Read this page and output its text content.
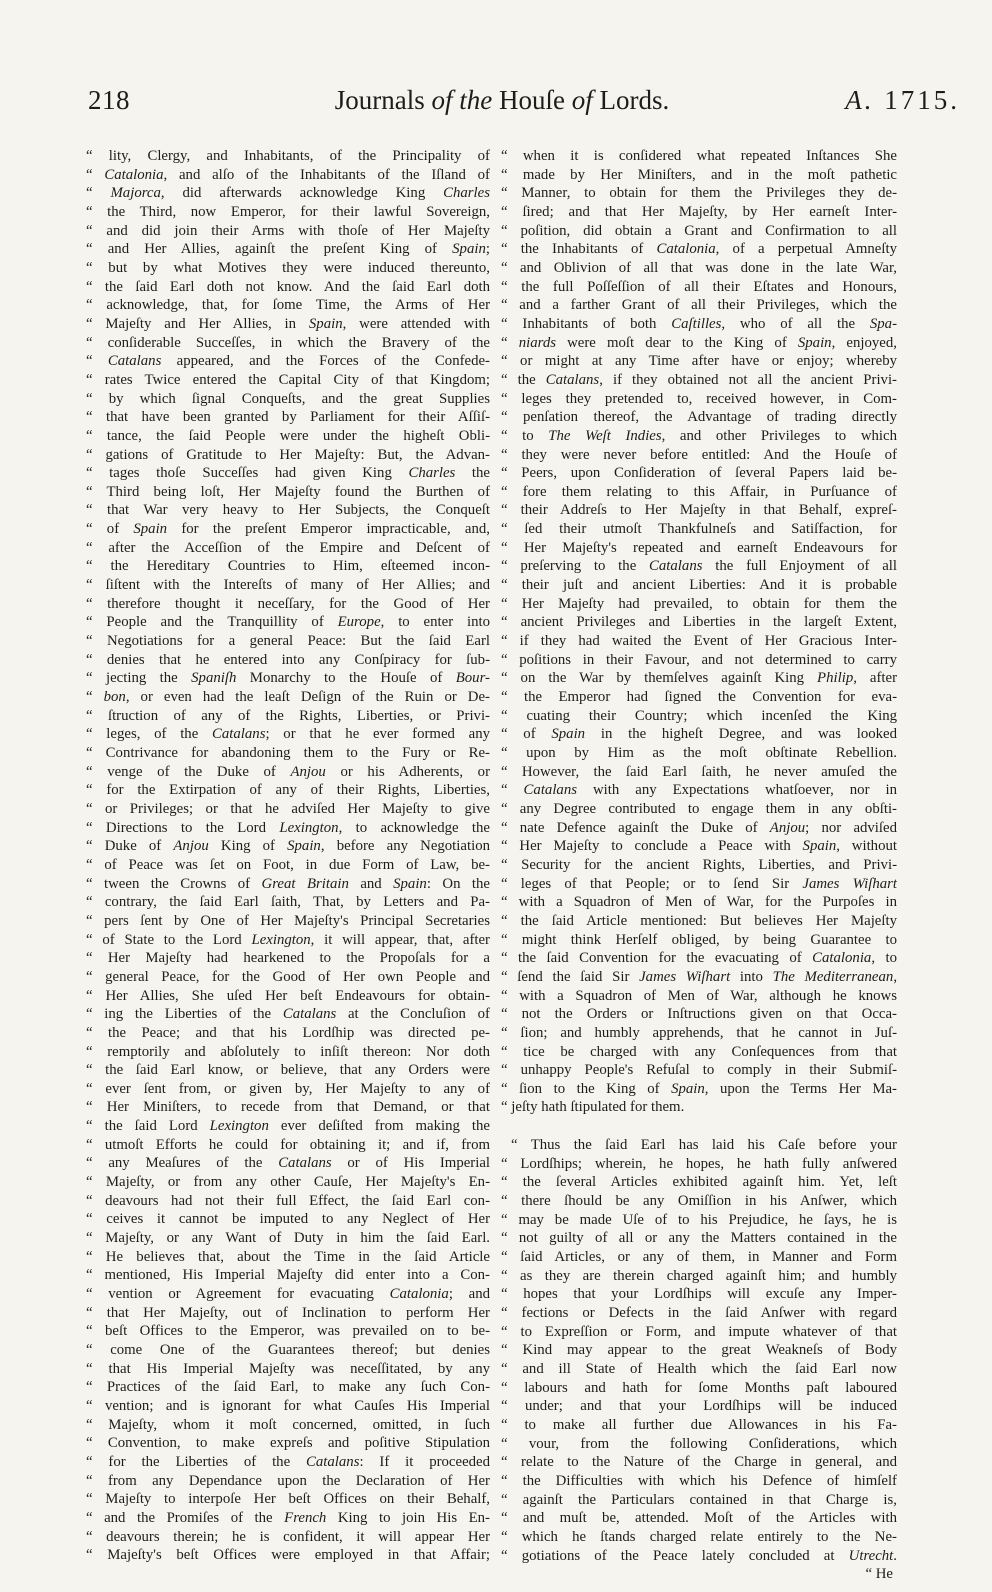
218	Journals of the Houſe of Lords.	A. 1715.
“ lity, Clergy, and Inhabitants, of the Principality of
“ Catalonia, and alſo of the Inhabitants of the Iſland of
“ Majorca, did afterwards acknowledge King Charles
“ the Third, now Emperor, for their lawful Sovereign,
“ and did join their Arms with thoſe of Her Majeſty
“ and Her Allies, againſt the preſent King of Spain;
“ but by what Motives they were induced thereunto,
“ the ſaid Earl doth not know. And the ſaid Earl doth
“ acknowledge, that, for ſome Time, the Arms of Her
“ Majeſty and Her Allies, in Spain, were attended with
“ conſiderable Succeſſes, in which the Bravery of the
“ Catalans appeared, and the Forces of the Confede-
“ rates Twice entered the Capital City of that Kingdom;
“ by which ſignal Conqueſts, and the great Supplies
“ that have been granted by Parliament for their Aſſiſ-
“ tance, the ſaid People were under the higheſt Obli-
“ gations of Gratitude to Her Majeſty: But, the Advan-
“ tages thoſe Succeſſes had given King Charles the
“ Third being loſt, Her Majeſty found the Burthen of
“ that War very heavy to Her Subjects, the Conqueſt
“ of Spain for the preſent Emperor impracticable, and,
“ after the Acceſſion of the Empire and Deſcent of
“ the Hereditary Countries to Him, eſteemed incon-
“ ſiſtent with the Intereſts of many of Her Allies; and
“ therefore thought it neceſſary, for the Good of Her
“ People and the Tranquillity of Europe, to enter into
“ Negotiations for a general Peace: But the ſaid Earl
“ denies that he entered into any Conſpiracy for ſub-
“ jecting the Spaniſh Monarchy to the Houſe of Bour-
“ bon, or even had the leaſt Deſign of the Ruin or De-
“ ſtruction of any of the Rights, Liberties, or Privi-
“ leges, of the Catalans; or that he ever formed any
“ Contrivance for abandoning them to the Fury or Re-
“ venge of the Duke of Anjou or his Adherents, or
“ for the Extirpation of any of their Rights, Liberties,
“ or Privileges; or that he adviſed Her Majeſty to give
“ Directions to the Lord Lexington, to acknowledge the
“ Duke of Anjou King of Spain, before any Negotiation
“ of Peace was ſet on Foot, in due Form of Law, be-
“ tween the Crowns of Great Britain and Spain: On the
“ contrary, the ſaid Earl ſaith, That, by Letters and Pa-
“ pers ſent by One of Her Majeſty's Principal Secretaries
“ of State to the Lord Lexington, it will appear, that, after
“ Her Majeſty had hearkened to the Propoſals for a
“ general Peace, for the Good of Her own People and
“ Her Allies, She uſed Her beſt Endeavours for obtain-
“ ing the Liberties of the Catalans at the Concluſion of
“ the Peace; and that his Lordſhip was directed pe-
“ remptorily and abſolutely to inſiſt thereon: Nor doth
“ the ſaid Earl know, or believe, that any Orders were
“ ever ſent from, or given by, Her Majeſty to any of
“ Her Miniſters, to recede from that Demand, or that
“ the ſaid Lord Lexington ever deſiſted from making the
“ utmoſt Efforts he could for obtaining it; and if, from
“ any Meaſures of the Catalans or of His Imperial
“ Majeſty, or from any other Cauſe, Her Majeſty's En-
“ deavours had not their full Effect, the ſaid Earl con-
“ ceives it cannot be imputed to any Neglect of Her
“ Majeſty, or any Want of Duty in him the ſaid Earl.
“ He believes that, about the Time in the ſaid Article
“ mentioned, His Imperial Majeſty did enter into a Con-
“ vention or Agreement for evacuating Catalonia; and
“ that Her Majeſty, out of Inclination to perform Her
“ beſt Offices to the Emperor, was prevailed on to be-
“ come One of the Guarantees thereof; but denies
“ that His Imperial Majeſty was neceſſitated, by any
“ Practices of the ſaid Earl, to make any ſuch Con-
“ vention; and is ignorant for what Cauſes His Imperial
“ Majeſty, whom it moſt concerned, omitted, in ſuch
“ Convention, to make expreſs and poſitive Stipulation
“ for the Liberties of the Catalans: If it proceeded
“ from any Dependance upon the Declaration of Her
“ Majeſty to interpoſe Her beſt Offices on their Behalf,
“ and the Promiſes of the French King to join His En-
“ deavours therein; he is confident, it will appear Her
“ Majeſty's beſt Offices were employed in that Affair;
“ when it is conſidered what repeated Inſtances She
“ made by Her Miniſters, and in the moſt pathetic
“ Manner, to obtain for them the Privileges they de-
“ ſired; and that Her Majeſty, by Her earneſt Inter-
“ poſition, did obtain a Grant and Confirmation to all
“ the Inhabitants of Catalonia, of a perpetual Amneſty
“ and Oblivion of all that was done in the late War,
“ the full Poſſeſſion of all their Eſtates and Honours,
“ and a farther Grant of all their Privileges, which the
“ Inhabitants of both Caſtilles, who of all the Spa-
“ niards were moſt dear to the King of Spain, enjoyed,
“ or might at any Time after have or enjoy; whereby
“ the Catalans, if they obtained not all the ancient Privi-
“ leges they pretended to, received however, in Com-
“ penſation thereof, the Advantage of trading directly
“ to The Weſt Indies, and other Privileges to which
“ they were never before entitled: And the Houſe of
“ Peers, upon Conſideration of ſeveral Papers laid be-
“ fore them relating to this Affair, in Purſuance of
“ their Addreſs to Her Majeſty in that Behalf, expreſ-
“ ſed their utmoſt Thankfulneſs and Satiſfaction, for
“ Her Majeſty's repeated and earneſt Endeavours for
“ preſerving to the Catalans the full Enjoyment of all
“ their juſt and ancient Liberties: And it is probable
“ Her Majeſty had prevailed, to obtain for them the
“ ancient Privileges and Liberties in the largeſt Extent,
“ if they had waited the Event of Her Gracious Inter-
“ poſitions in their Favour, and not determined to carry
“ on the War by themſelves againſt King Philip, after
“ the Emperor had ſigned the Convention for eva-
“ cuating their Country; which incenſed the King
“ of Spain in the higheſt Degree, and was looked
“ upon by Him as the moſt obſtinate Rebellion.
“ However, the ſaid Earl ſaith, he never amuſed the
“ Catalans with any Expectations whatſoever, nor in
“ any Degree contributed to engage them in any obſti-
“ nate Defence againſt the Duke of Anjou; nor adviſed
“ Her Majeſty to conclude a Peace with Spain, without
“ Security for the ancient Rights, Liberties, and Privi-
“ leges of that People; or to ſend Sir James Wiſhart
“ with a Squadron of Men of War, for the Purpoſes in
“ the ſaid Article mentioned: But believes Her Majeſty
“ might think Herſelf obliged, by being Guarantee to
“ the ſaid Convention for the evacuating of Catalonia, to
“ ſend the ſaid Sir James Wiſhart into The Mediterranean,
“ with a Squadron of Men of War, although he knows
“ not the Orders or Inſtructions given on that Occa-
“ ſion; and humbly apprehends, that he cannot in Juſ-
“ tice be charged with any Conſequences from that
“ unhappy People's Refuſal to comply in their Submiſ-
“ ſion to the King of Spain, upon the Terms Her Ma-
“ jeſty hath ſtipulated for them.
“ Thus the ſaid Earl has laid his Caſe before your
“ Lordſhips; wherein, he hopes, he hath fully anſwered
“ the ſeveral Articles exhibited againſt him. Yet, leſt
“ there ſhould be any Omiſſion in his Anſwer, which
“ may be made Uſe of to his Prejudice, he ſays, he is
“ not guilty of all or any the Matters contained in the
“ ſaid Articles, or any of them, in Manner and Form
“ as they are therein charged againſt him; and humbly
“ hopes that your Lordſhips will excuſe any Imper-
“ fections or Defects in the ſaid Anſwer with regard
“ to Expreſſion or Form, and impute whatever of that
“ Kind may appear to the great Weakneſs of Body
“ and ill State of Health which the ſaid Earl now
“ labours and hath for ſome Months paſt laboured
“ under; and that your Lordſhips will be induced
“ to make all further due Allowances in his Fa-
“ vour, from the following Conſiderations, which
“ relate to the Nature of the Charge in general, and
“ the Difficulties with which his Defence of himſelf
“ againſt the Particulars contained in that Charge is,
“ and muſt be, attended. Moſt of the Articles with
“ which he ſtands charged relate entirely to the Ne-
“ gotiations of the Peace lately concluded at Utrecht.
“ He
